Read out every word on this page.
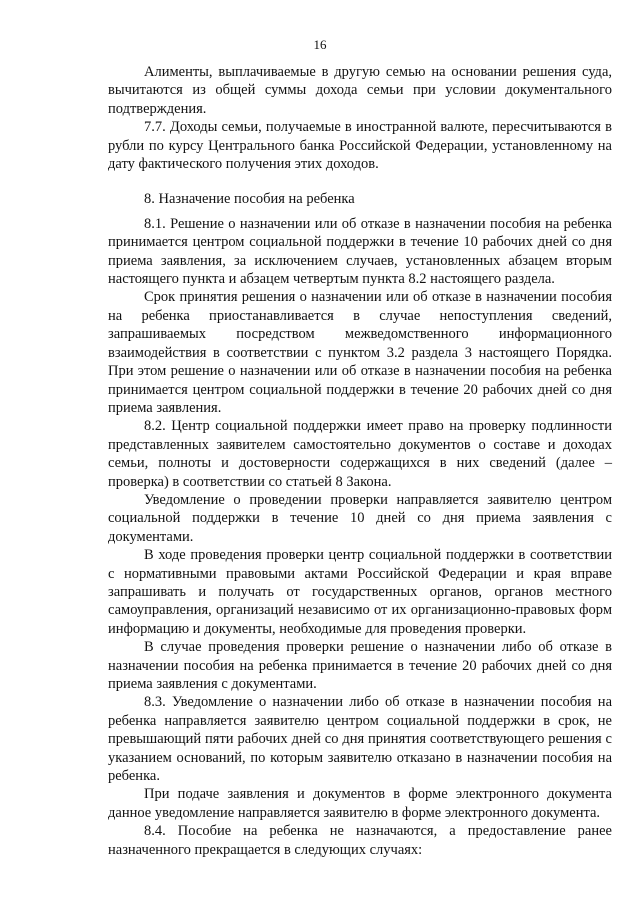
16

Алименты, выплачиваемые в другую семью на основании решения суда, вычитаются из общей суммы дохода семьи при условии документального подтверждения.

7.7. Доходы семьи, получаемые в иностранной валюте, пересчитываются в рубли по курсу Центрального банка Российской Федерации, установленному на дату фактического получения этих доходов.

8. Назначение пособия на ребенка

8.1. Решение о назначении или об отказе в назначении пособия на ребенка принимается центром социальной поддержки в течение 10 рабочих дней со дня приема заявления, за исключением случаев, установленных абзацем вторым настоящего пункта и абзацем четвертым пункта 8.2 настоящего раздела.

Срок принятия решения о назначении или об отказе в назначении пособия на ребенка приостанавливается в случае непоступления сведений, запрашиваемых посредством межведомственного информационного взаимодействия в соответствии с пунктом 3.2 раздела 3 настоящего Порядка. При этом решение о назначении или об отказе в назначении пособия на ребенка принимается центром социальной поддержки в течение 20 рабочих дней со дня приема заявления.

8.2. Центр социальной поддержки имеет право на проверку подлинности представленных заявителем самостоятельно документов о составе и доходах семьи, полноты и достоверности содержащихся в них сведений (далее – проверка) в соответствии со статьей 8 Закона.

Уведомление о проведении проверки направляется заявителю центром социальной поддержки в течение 10 дней со дня приема заявления с документами.

В ходе проведения проверки центр социальной поддержки в соответствии с нормативными правовыми актами Российской Федерации и края вправе запрашивать и получать от государственных органов, органов местного самоуправления, организаций независимо от их организационно-правовых форм информацию и документы, необходимые для проведения проверки.

В случае проведения проверки решение о назначении либо об отказе в назначении пособия на ребенка принимается в течение 20 рабочих дней со дня приема заявления с документами.

8.3. Уведомление о назначении либо об отказе в назначении пособия на ребенка направляется заявителю центром социальной поддержки в срок, не превышающий пяти рабочих дней со дня принятия соответствующего решения с указанием оснований, по которым заявителю отказано в назначении пособия на ребенка.

При подаче заявления и документов в форме электронного документа данное уведомление направляется заявителю в форме электронного документа.

8.4. Пособие на ребенка не назначаются, а предоставление ранее назначенного прекращается в следующих случаях:
